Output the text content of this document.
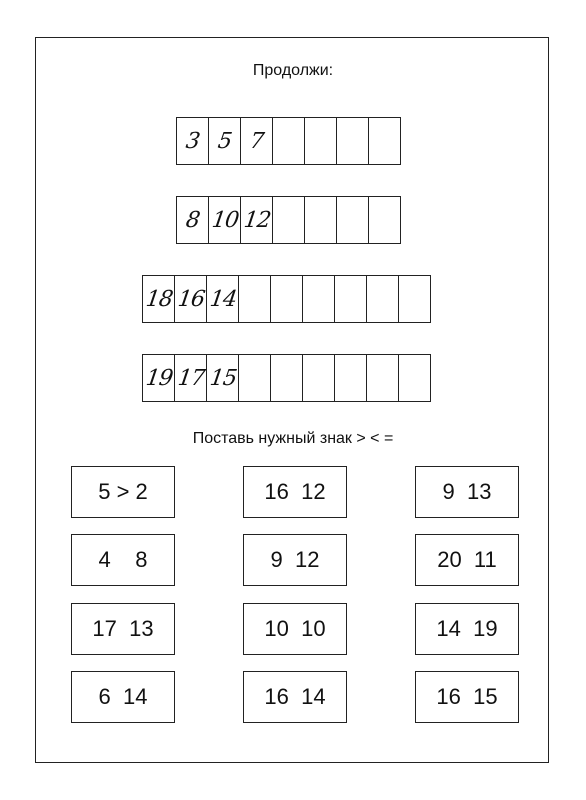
Продолжи:
3 5 7
8 10 12
18 16 14
19 17 15
Поставь нужный знак > < =
5 > 2	16  12	9  13
4    8	9  12	20  11
17  13	10  10	14  19
6  14	16  14	16  15
